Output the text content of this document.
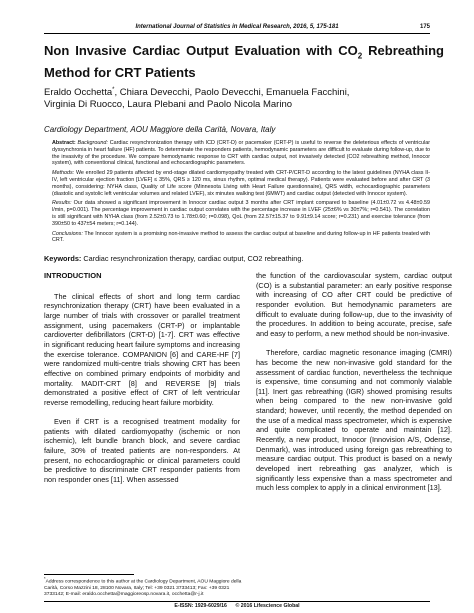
International Journal of Statistics in Medical Research, 2016, 5, 175-181	175
Non Invasive Cardiac Output Evaluation with $CO_2$ Rebreathing Method for CRT Patients
Eraldo Occhetta*, Chiara Devecchi, Paolo Devecchi, Emanuela Facchini,
Virginia Di Ruocco, Laura Plebani and Paolo Nicola Marino
Cardiology Department, AOU Maggiore della Carità, Novara, Italy

Abstract: Background: Cardiac resynchronization therapy with ICD (CRT-D) or pacemaker (CRT-P) is useful to reverse the deleterious effects of ventricular dyssynchronia in heart failure (HF) patients. To determinate the responders patients, hemodynamic parameters are difficult to evaluate during follow-up, due to the invasivity of the procedure. We compare hemodynamic response to CRT with cardiac output, not invasively detected (CO2 rebreathing method, Innocor system), with conventional clinical, functional and echocardiographic parameters.

Methods: We enrolled 29 patients affected by end-stage dilated cardiomyopathy treated with CRT-P/CRT-D according to the latest guidelines (NYHA class II-IV, left ventricular ejection fraction [LVEF] ≤ 35%, QRS ≥ 120 ms, sinus rhythm, optimal medical therapy). Patients were evaluated before and after CRT (3 months), considering: NYHA class, Quality of Life score (Minnesota Living with Heart Failure questionnaire), QRS width, echocardiographic parameters (diastolic and systolic left ventricular volumes and related LVEF), six minutes walking test (6MWT) and cardiac output (detected with Innocor system).

Results: Our data showed a significant improvement in Innocor cardiac output 3 months after CRT implant compared to baseline (4.01±0.72 vs 4.48±0.59 l/min, p=0.001). The percentage improvement in cardiac output correlates with the percentage increase in LVEF (25±6% vs 30±7%; r=0.541). The correlation is still significant with NYHA class (from 2.52±0.73 to 1.78±0.60; r=0.098), QoL (from 22.57±15.37 to 9.91±9.14 score; r=0.231) and exercise tolerance (from 390±50 to 437±54 meters; r=0.144).

Conclusions: The Innocor system is a promising non-invasive method to assess the cardiac output at baseline and during follow-up in HF patients treated with CRT.

Keywords: Cardiac resynchronization therapy, cardiac output, CO2 rebreathing.
INTRODUCTION

The clinical effects of short and long term cardiac resynchronization therapy (CRT) have been evaluated in a large number of trials with crossover or parallel treatment assignment, using pacemakers (CRT-P) or implantable cardioverter defibrillators (CRT-D) [1-7]. CRT was effective in significant reducing heart failure symptoms and increasing the exercise tolerance. COMPANION [6] and CARE-HF [7] were randomized multi-centre trials showing CRT has been effective on combined primary endpoints of morbidity and mortality. MADIT-CRT [8] and REVERSE [9] trials demonstrated a positive effect of CRT of left ventricular reverse remodelling, reducing heart failure morbidity.

Even if CRT is a recognised treatment modality for patients with dilated cardiomyopathy (ischemic or non ischemic), left bundle branch block, and severe cardiac failure, 30% of treated patients are non-responders. At present, no echocardiographic or clinical parameters could be predictive to discriminate CRT responder patients from non responder ones [11]. When assessed

the function of the cardiovascular system, cardiac output (CO) is a substantial parameter: an early positive response with increasing of CO after CRT could be predictive of responder evolution. But hemodynamic parameters are difficult to evaluate during follow-up, due to the invasivity of the procedures. In addition to being accurate, precise, safe and easy to perform, a new method should be non-invasive.

Therefore, cardiac magnetic resonance imaging (CMRI) has become the new non-invasive gold standard for the assessment of cardiac function, nevertheless the technique is expensive, time consuming and not commonly vialable [11]. Inert gas rebreathing (IGR) showed promising results when being compared to the new non-invasive gold standard; however, until recently, the method depended on the use of a medical mass spectrometer, which is expensive and quite complicated to operate and maintain [12]. Recently, a new product, Innocor (Innovision A/S, Odense, Denmark), was introduced using foreign gas rebreathing to measure cardiac output. This product is based on a newly developed inert rebreathing gas analyzer, which is significantly less expensive than a mass spectrometer and much less complex to apply in a clinical environment [13].

*Address correspondence to this author at the Cardiology Department, AOU Maggiore della Carità, Corso Mazzini 18, 28100 Novara, Italy; Tel: +39 0321 3733413; Fax: +39 0321 3733142; E-mail: eraldo.occhetta@maggioreosp.novara.it, occhetta@r-j.it
E-ISSN: 1929-6029/16 © 2016 Lifescience Global
